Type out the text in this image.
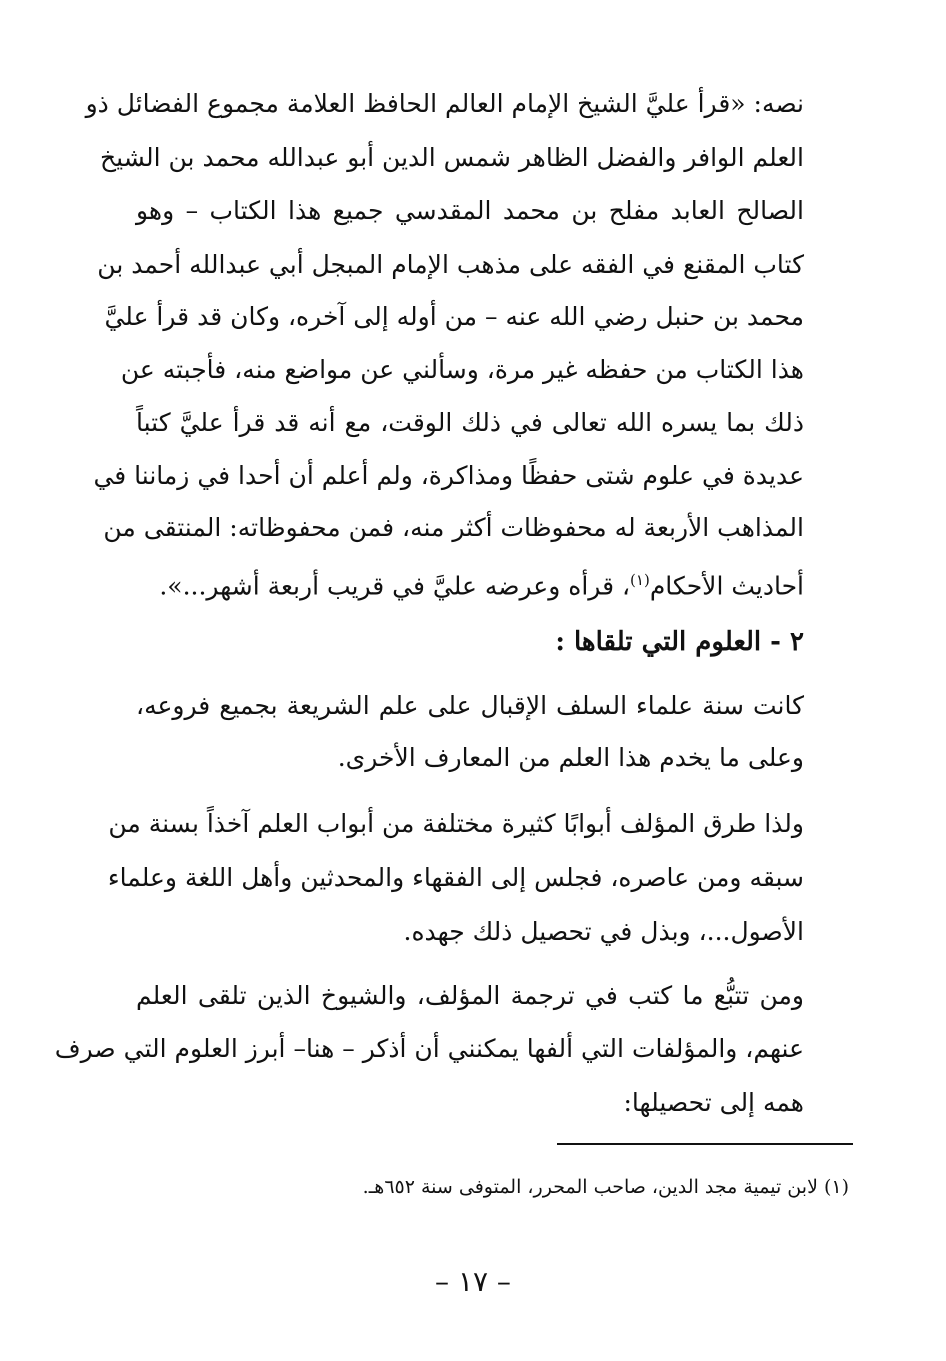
نصه: «قرأ عليَّ الشيخ الإمام العالم الحافظ العلامة مجموع الفضائل ذو
العلم الوافر والفضل الظاهر شمس الدين أبو عبدالله محمد بن الشيخ
الصالح العابد مفلح بن محمد المقدسي جميع هذا الكتاب – وهو
كتاب المقنع في الفقه على مذهب الإمام المبجل أبي عبدالله أحمد بن
محمد بن حنبل رضي الله عنه – من أوله إلى آخره، وكان قد قرأ عليَّ
هذا الكتاب من حفظه غير مرة، وسألني عن مواضع منه، فأجبته عن
ذلك بما يسره الله تعالى في ذلك الوقت، مع أنه قد قرأ عليَّ كتباً
عديدة في علوم شتى حفظًا ومذاكرة، ولم أعلم أن أحدا في زماننا في
المذاهب الأربعة له محفوظات أكثر منه، فمن محفوظاته: المنتقى من
أحاديث الأحكام$^{(١)}$، قرأه وعرضه عليَّ في قريب أربعة أشهر...».
٢ - العلوم التي تلقاها :
كانت سنة علماء السلف الإقبال على علم الشريعة بجميع فروعه،
وعلى ما يخدم هذا العلم من المعارف الأخرى.
ولذا طرق المؤلف أبوابًا كثيرة مختلفة من أبواب العلم آخذاً بسنة من
سبقه ومن عاصره، فجلس إلى الفقهاء والمحدثين وأهل اللغة وعلماء
الأصول...، وبذل في تحصيل ذلك جهده.
ومن تتبُّع ما كتب في ترجمة المؤلف، والشيوخ الذين تلقى العلم
عنهم، والمؤلفات التي ألفها يمكنني أن أذكر – هنا– أبرز العلوم التي صرف
همه إلى تحصيلها:
(١) لابن تيمية مجد الدين، صاحب المحرر، المتوفى سنة ٦٥٢هـ.
– ١٧ –
